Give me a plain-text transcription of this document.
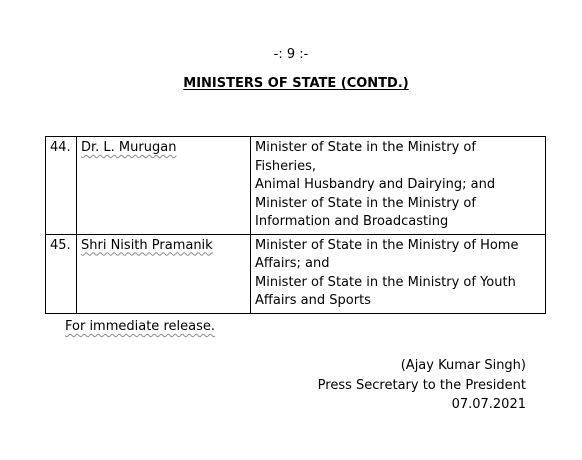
-: 9 :-
MINISTERS OF STATE (CONTD.)
44.	Dr. L. Murugan	Minister of State in the Ministry of Fisheries,
Animal Husbandry and Dairying; and
Minister of State in the Ministry of
Information and Broadcasting

45.	Shri Nisith Pramanik	Minister of State in the Ministry of Home
Affairs; and
Minister of State in the Ministry of Youth
Affairs and Sports
For immediate release.
(Ajay Kumar Singh)
Press Secretary to the President
07.07.2021
